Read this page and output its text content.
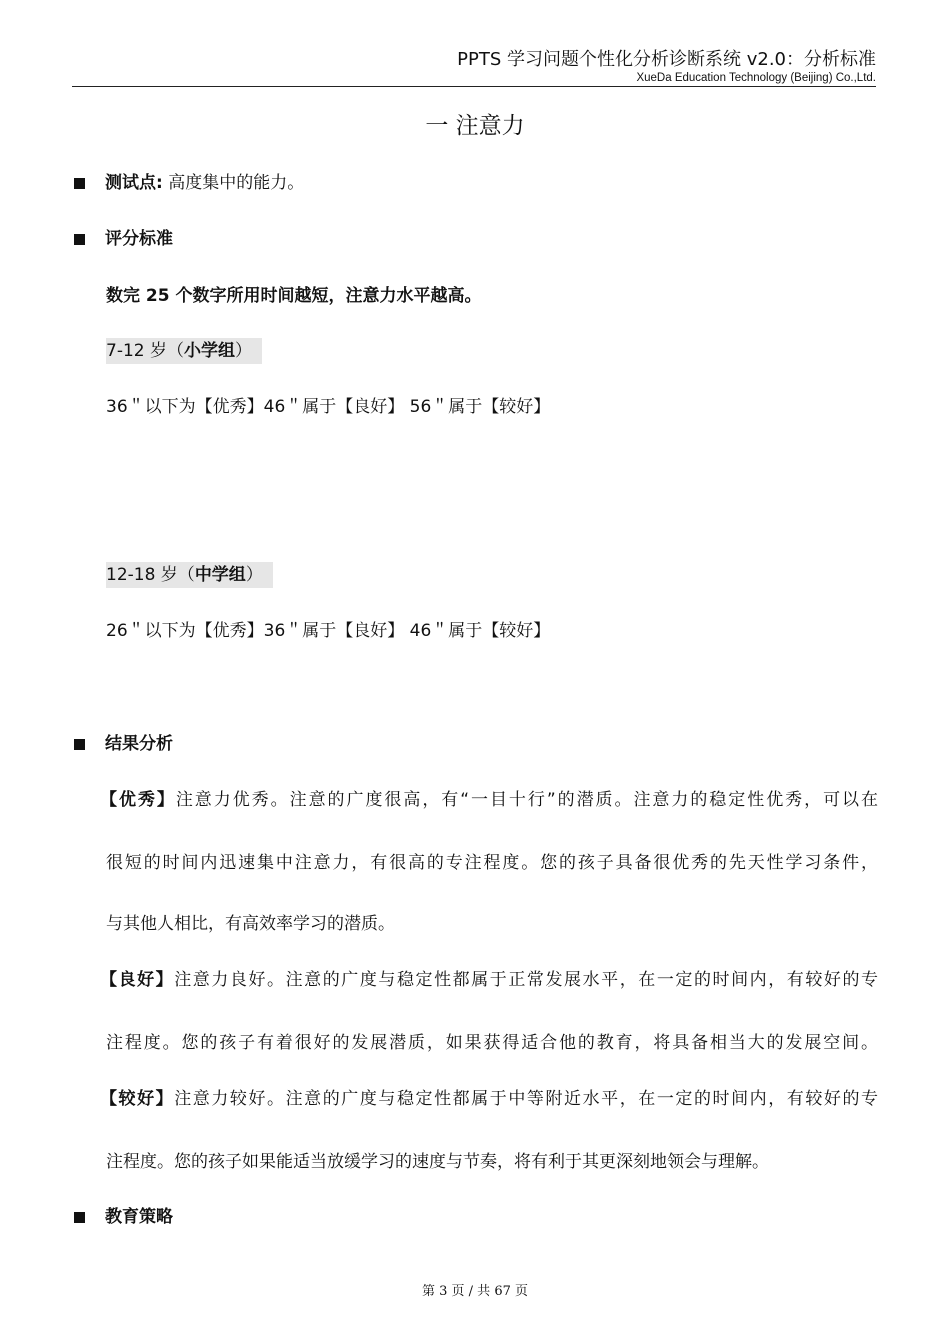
PPTS 学习问题个性化分析诊断系统 v2.0：分析标准
XueDa Education Technology (Beijing) Co.,Ltd.
一 注意力
测试点: 高度集中的能力。
评分标准
数完 25 个数字所用时间越短，注意力水平越高。
7-12 岁（小学组）
36＂以下为【优秀】46＂属于【良好】 56＂属于【较好】
12-18 岁（中学组）
26＂以下为【优秀】36＂属于【良好】 46＂属于【较好】
结果分析
【优秀】注意力优秀。注意的广度很高，有“一目十行”的潜质。注意力的稳定性优秀，可以在
很短的时间内迅速集中注意力，有很高的专注程度。您的孩子具备很优秀的先天性学习条件，
与其他人相比，有高效率学习的潜质。
【良好】注意力良好。注意的广度与稳定性都属于正常发展水平，在一定的时间内，有较好的专
注程度。您的孩子有着很好的发展潜质，如果获得适合他的教育，将具备相当大的发展空间。
【较好】注意力较好。注意的广度与稳定性都属于中等附近水平，在一定的时间内，有较好的专
注程度。您的孩子如果能适当放缓学习的速度与节奏，将有利于其更深刻地领会与理解。
教育策略
第 3 页 / 共 67 页
